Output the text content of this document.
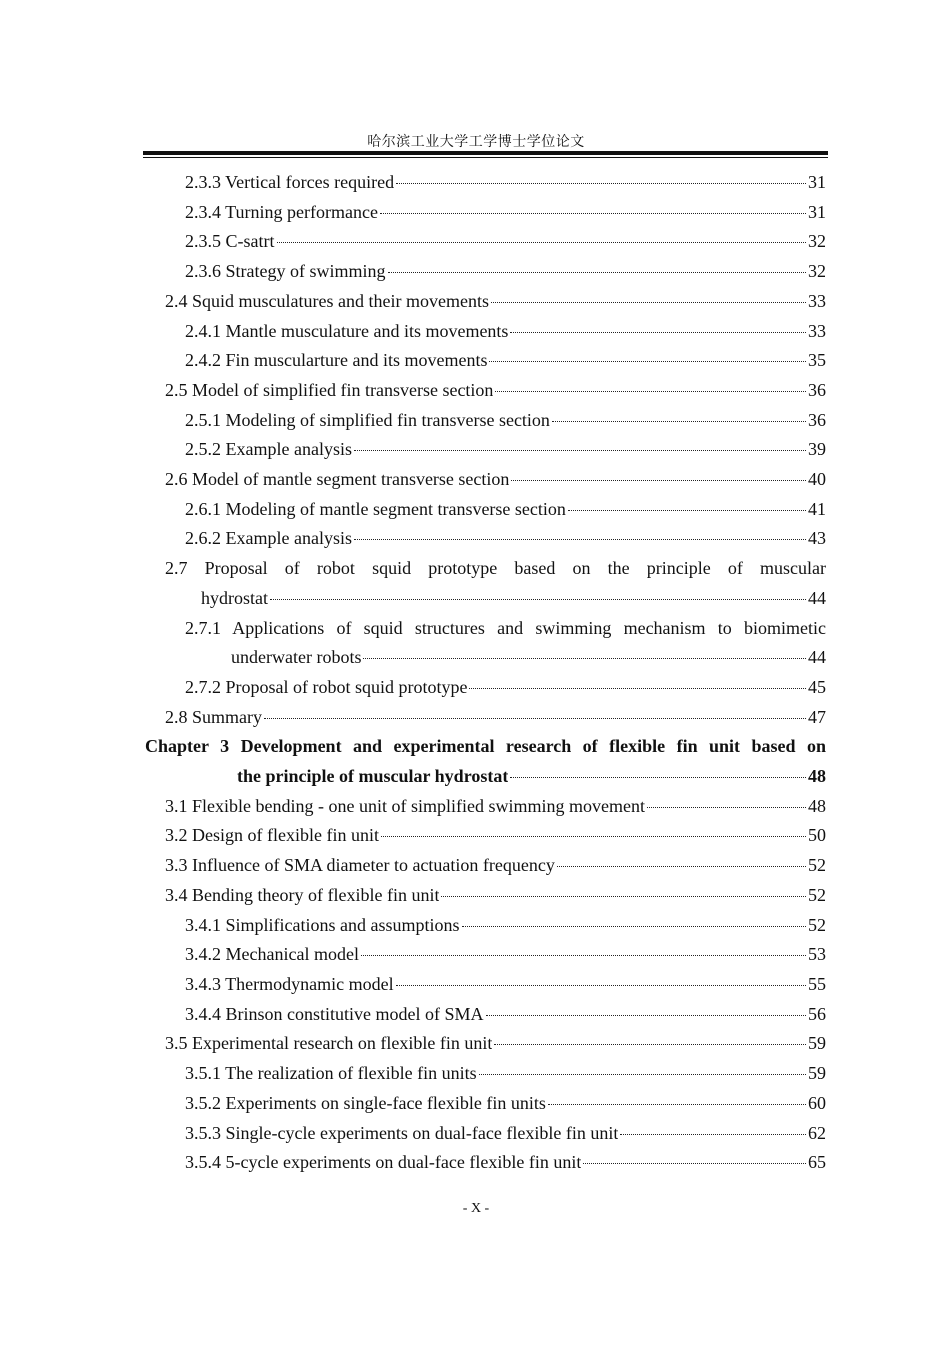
哈尔滨工业大学工学博士学位论文
2.3.3 Vertical forces required	31
2.3.4 Turning performance	31
2.3.5 C-satrt	32
2.3.6 Strategy of swimming	32
2.4 Squid musculatures and their movements	33
2.4.1 Mantle musculature and its movements	33
2.4.2 Fin muscularture and its movements	35
2.5 Model of simplified fin transverse section	36
2.5.1 Modeling of simplified fin transverse section	36
2.5.2 Example analysis	39
2.6 Model of mantle segment transverse section	40
2.6.1 Modeling of mantle segment transverse section	41
2.6.2 Example analysis	43
2.7 Proposal of robot squid prototype based on the principle of muscular
hydrostat	44
2.7.1 Applications of squid structures and swimming mechanism to biomimetic
underwater robots	44
2.7.2 Proposal of robot squid prototype	45
2.8 Summary	47
Chapter 3 Development and experimental research of flexible fin unit based on
the principle of muscular hydrostat	48
3.1 Flexible bending - one unit of simplified swimming movement	48
3.2 Design of flexible fin unit	50
3.3 Influence of SMA diameter to actuation frequency	52
3.4 Bending theory of flexible fin unit	52
3.4.1 Simplifications and assumptions	52
3.4.2 Mechanical model	53
3.4.3 Thermodynamic model	55
3.4.4 Brinson constitutive model of SMA	56
3.5 Experimental research on flexible fin unit	59
3.5.1 The realization of flexible fin units	59
3.5.2 Experiments on single-face flexible fin units	60
3.5.3 Single-cycle experiments on dual-face flexible fin unit	62
3.5.4 5-cycle experiments on dual-face flexible fin unit	65
- X -
